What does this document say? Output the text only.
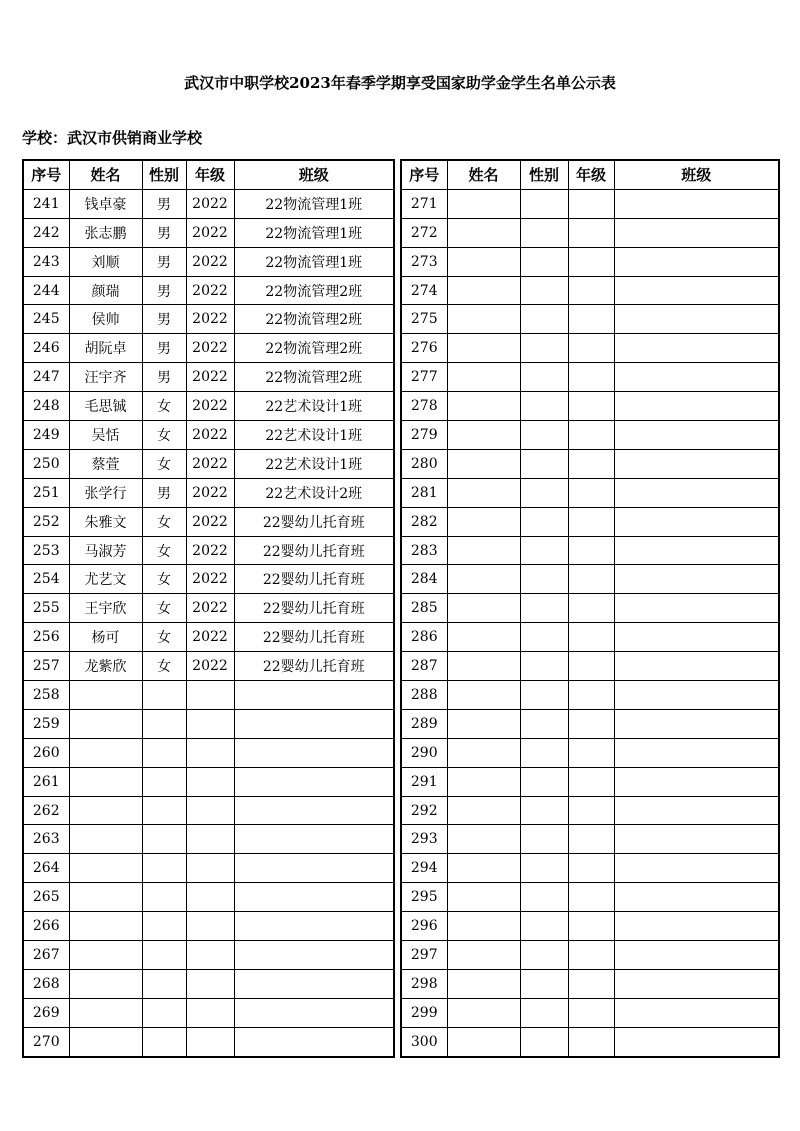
武汉市中职学校2023年春季学期享受国家助学金学生名单公示表
学校：武汉市供销商业学校
序号	姓名	性别	年级	班级
241	钱卓豪	男	2022	22物流管理1班
242	张志鹏	男	2022	22物流管理1班
243	刘顺	男	2022	22物流管理1班
244	颜瑞	男	2022	22物流管理2班
245	侯帅	男	2022	22物流管理2班
246	胡阮卓	男	2022	22物流管理2班
247	汪宇齐	男	2022	22物流管理2班
248	毛思铖	女	2022	22艺术设计1班
249	吴恬	女	2022	22艺术设计1班
250	蔡萱	女	2022	22艺术设计1班
251	张学行	男	2022	22艺术设计2班
252	朱雅文	女	2022	22婴幼儿托育班
253	马淑芳	女	2022	22婴幼儿托育班
254	尤艺文	女	2022	22婴幼儿托育班
255	王宇欣	女	2022	22婴幼儿托育班
256	杨可	女	2022	22婴幼儿托育班
257	龙紫欣	女	2022	22婴幼儿托育班
258				
259				
260				
261				
262				
263				
264				
265				
266				
267				
268				
269				
270				
序号	姓名	性别	年级	班级
271				
272				
273				
274				
275				
276				
277				
278				
279				
280				
281				
282				
283				
284				
285				
286				
287				
288				
289				
290				
291				
292				
293				
294				
295				
296				
297				
298				
299				
300				
